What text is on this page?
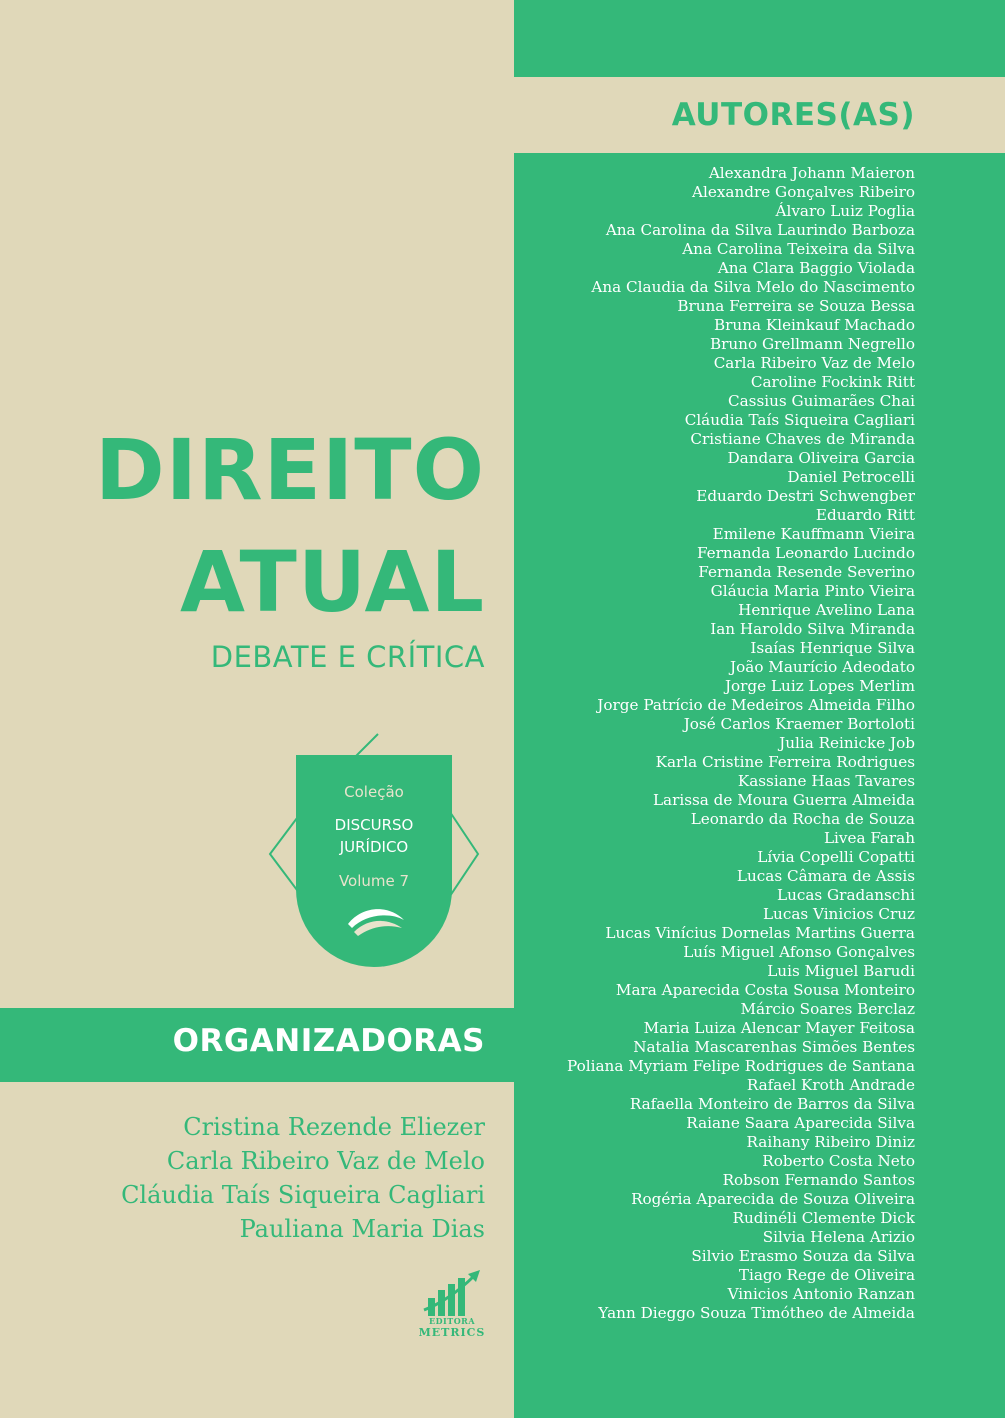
AUTORES(AS)
Alexandra Johann Maieron
Alexandre Gonçalves Ribeiro
Álvaro Luiz Poglia
Ana Carolina da Silva Laurindo Barboza
Ana Carolina Teixeira da Silva
Ana Clara Baggio Violada
Ana Claudia da Silva Melo do Nascimento
Bruna Ferreira se Souza Bessa
Bruna Kleinkauf Machado
Bruno Grellmann Negrello
Carla Ribeiro Vaz de Melo
Caroline Fockink Ritt
Cassius Guimarães Chai
Cláudia Taís Siqueira Cagliari
Cristiane Chaves de Miranda
Dandara Oliveira Garcia
Daniel Petrocelli
Eduardo Destri Schwengber
Eduardo Ritt
Emilene Kauffmann Vieira
Fernanda Leonardo Lucindo
Fernanda Resende Severino
Gláucia Maria Pinto Vieira
Henrique Avelino Lana
Ian Haroldo Silva Miranda
Isaías Henrique Silva
João Maurício Adeodato
Jorge Luiz Lopes Merlim
Jorge Patrício de Medeiros Almeida Filho
José Carlos Kraemer Bortoloti
Julia Reinicke Job
Karla Cristine Ferreira Rodrigues
Kassiane Haas Tavares
Larissa de Moura Guerra Almeida
Leonardo da Rocha de Souza
Livea Farah
Lívia Copelli Copatti
Lucas Câmara de Assis
Lucas Gradanschi
Lucas Vinicios Cruz
Lucas Vinícius Dornelas Martins Guerra
Luís Miguel Afonso Gonçalves
Luis Miguel Barudi
Mara Aparecida Costa Sousa Monteiro
Márcio Soares Berclaz
Maria Luiza Alencar Mayer Feitosa
Natalia Mascarenhas Simões Bentes
Poliana Myriam Felipe Rodrigues de Santana
Rafael Kroth Andrade
Rafaella Monteiro de Barros da Silva
Raiane Saara Aparecida Silva
Raihany Ribeiro Diniz
Roberto Costa Neto
Robson Fernando Santos
Rogéria Aparecida de Souza Oliveira
Rudinéli Clemente Dick
Silvia Helena Arizio
Silvio Erasmo Souza da Silva
Tiago Rege de Oliveira
Vinicios Antonio Ranzan
Yann Dieggo Souza Timótheo de Almeida
DIREITO
ATUAL
DEBATE E CRÍTICA
Coleção
DISCURSO
JURÍDICO
Volume 7
ORGANIZADORAS
Cristina Rezende Eliezer
Carla Ribeiro Vaz de Melo
Cláudia Taís Siqueira Cagliari
Pauliana Maria Dias
EDITORA
METRICS
